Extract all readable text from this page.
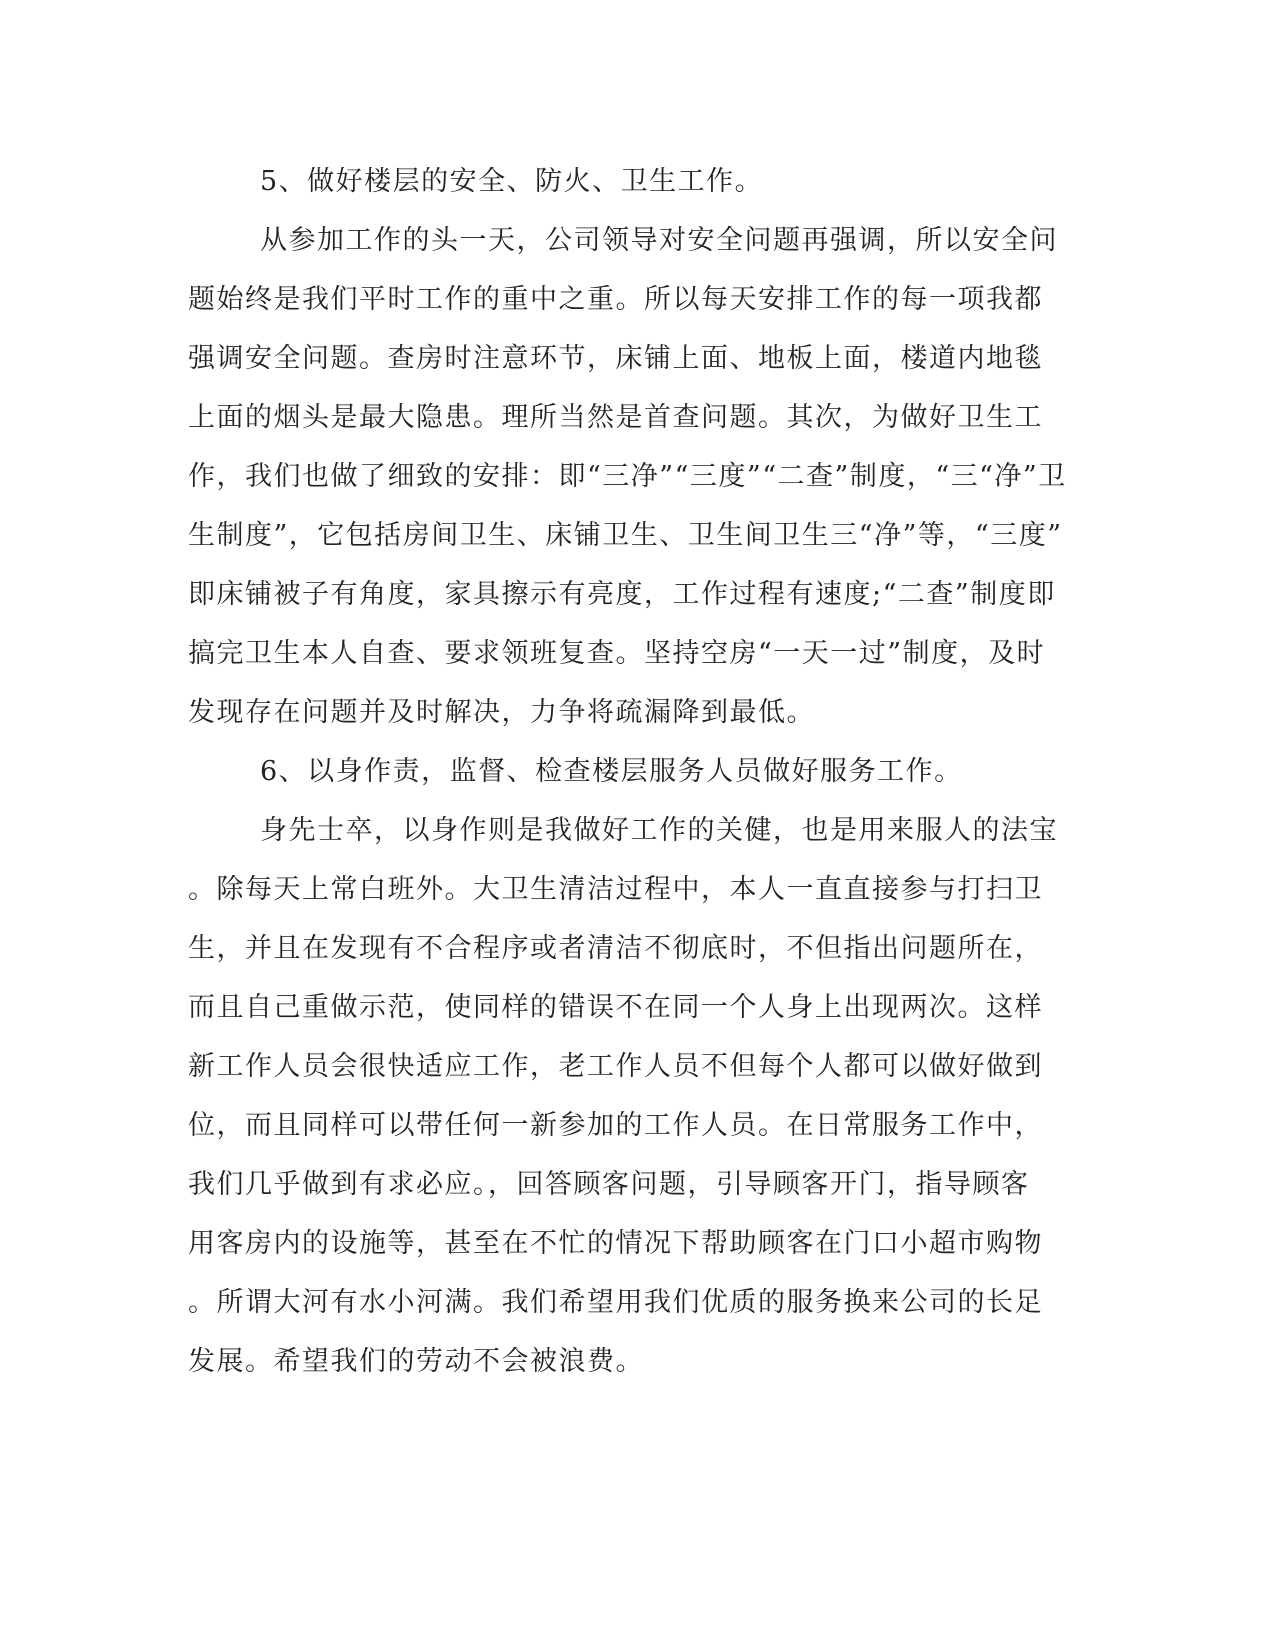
5、做好楼层的安全、防火、卫生工作。
从参加工作的头一天，公司领导对安全问题再强调，所以安全问
题始终是我们平时工作的重中之重。所以每天安排工作的每一项我都
强调安全问题。查房时注意环节，床铺上面、地板上面，楼道内地毯
上面的烟头是最大隐患。理所当然是首查问题。其次，为做好卫生工
作，我们也做了细致的安排：即“三净”“三度”“二查”制度，“三“净”卫
生制度”，它包括房间卫生、床铺卫生、卫生间卫生三“净”等，“三度”
即床铺被子有角度，家具擦示有亮度，工作过程有速度;“二查”制度即
搞完卫生本人自查、要求领班复查。坚持空房“一天一过”制度，及时
发现存在问题并及时解决，力争将疏漏降到最低。
6、以身作责，监督、检查楼层服务人员做好服务工作。
身先士卒，以身作则是我做好工作的关健，也是用来服人的法宝
。除每天上常白班外。大卫生清洁过程中，本人一直直接参与打扫卫
生，并且在发现有不合程序或者清洁不彻底时，不但指出问题所在，
而且自己重做示范，使同样的错误不在同一个人身上出现两次。这样
新工作人员会很快适应工作，老工作人员不但每个人都可以做好做到
位，而且同样可以带任何一新参加的工作人员。在日常服务工作中，
我们几乎做到有求必应。，回答顾客问题，引导顾客开门，指导顾客
用客房内的设施等，甚至在不忙的情况下帮助顾客在门口小超市购物
。所谓大河有水小河满。我们希望用我们优质的服务换来公司的长足
发展。希望我们的劳动不会被浪费。
